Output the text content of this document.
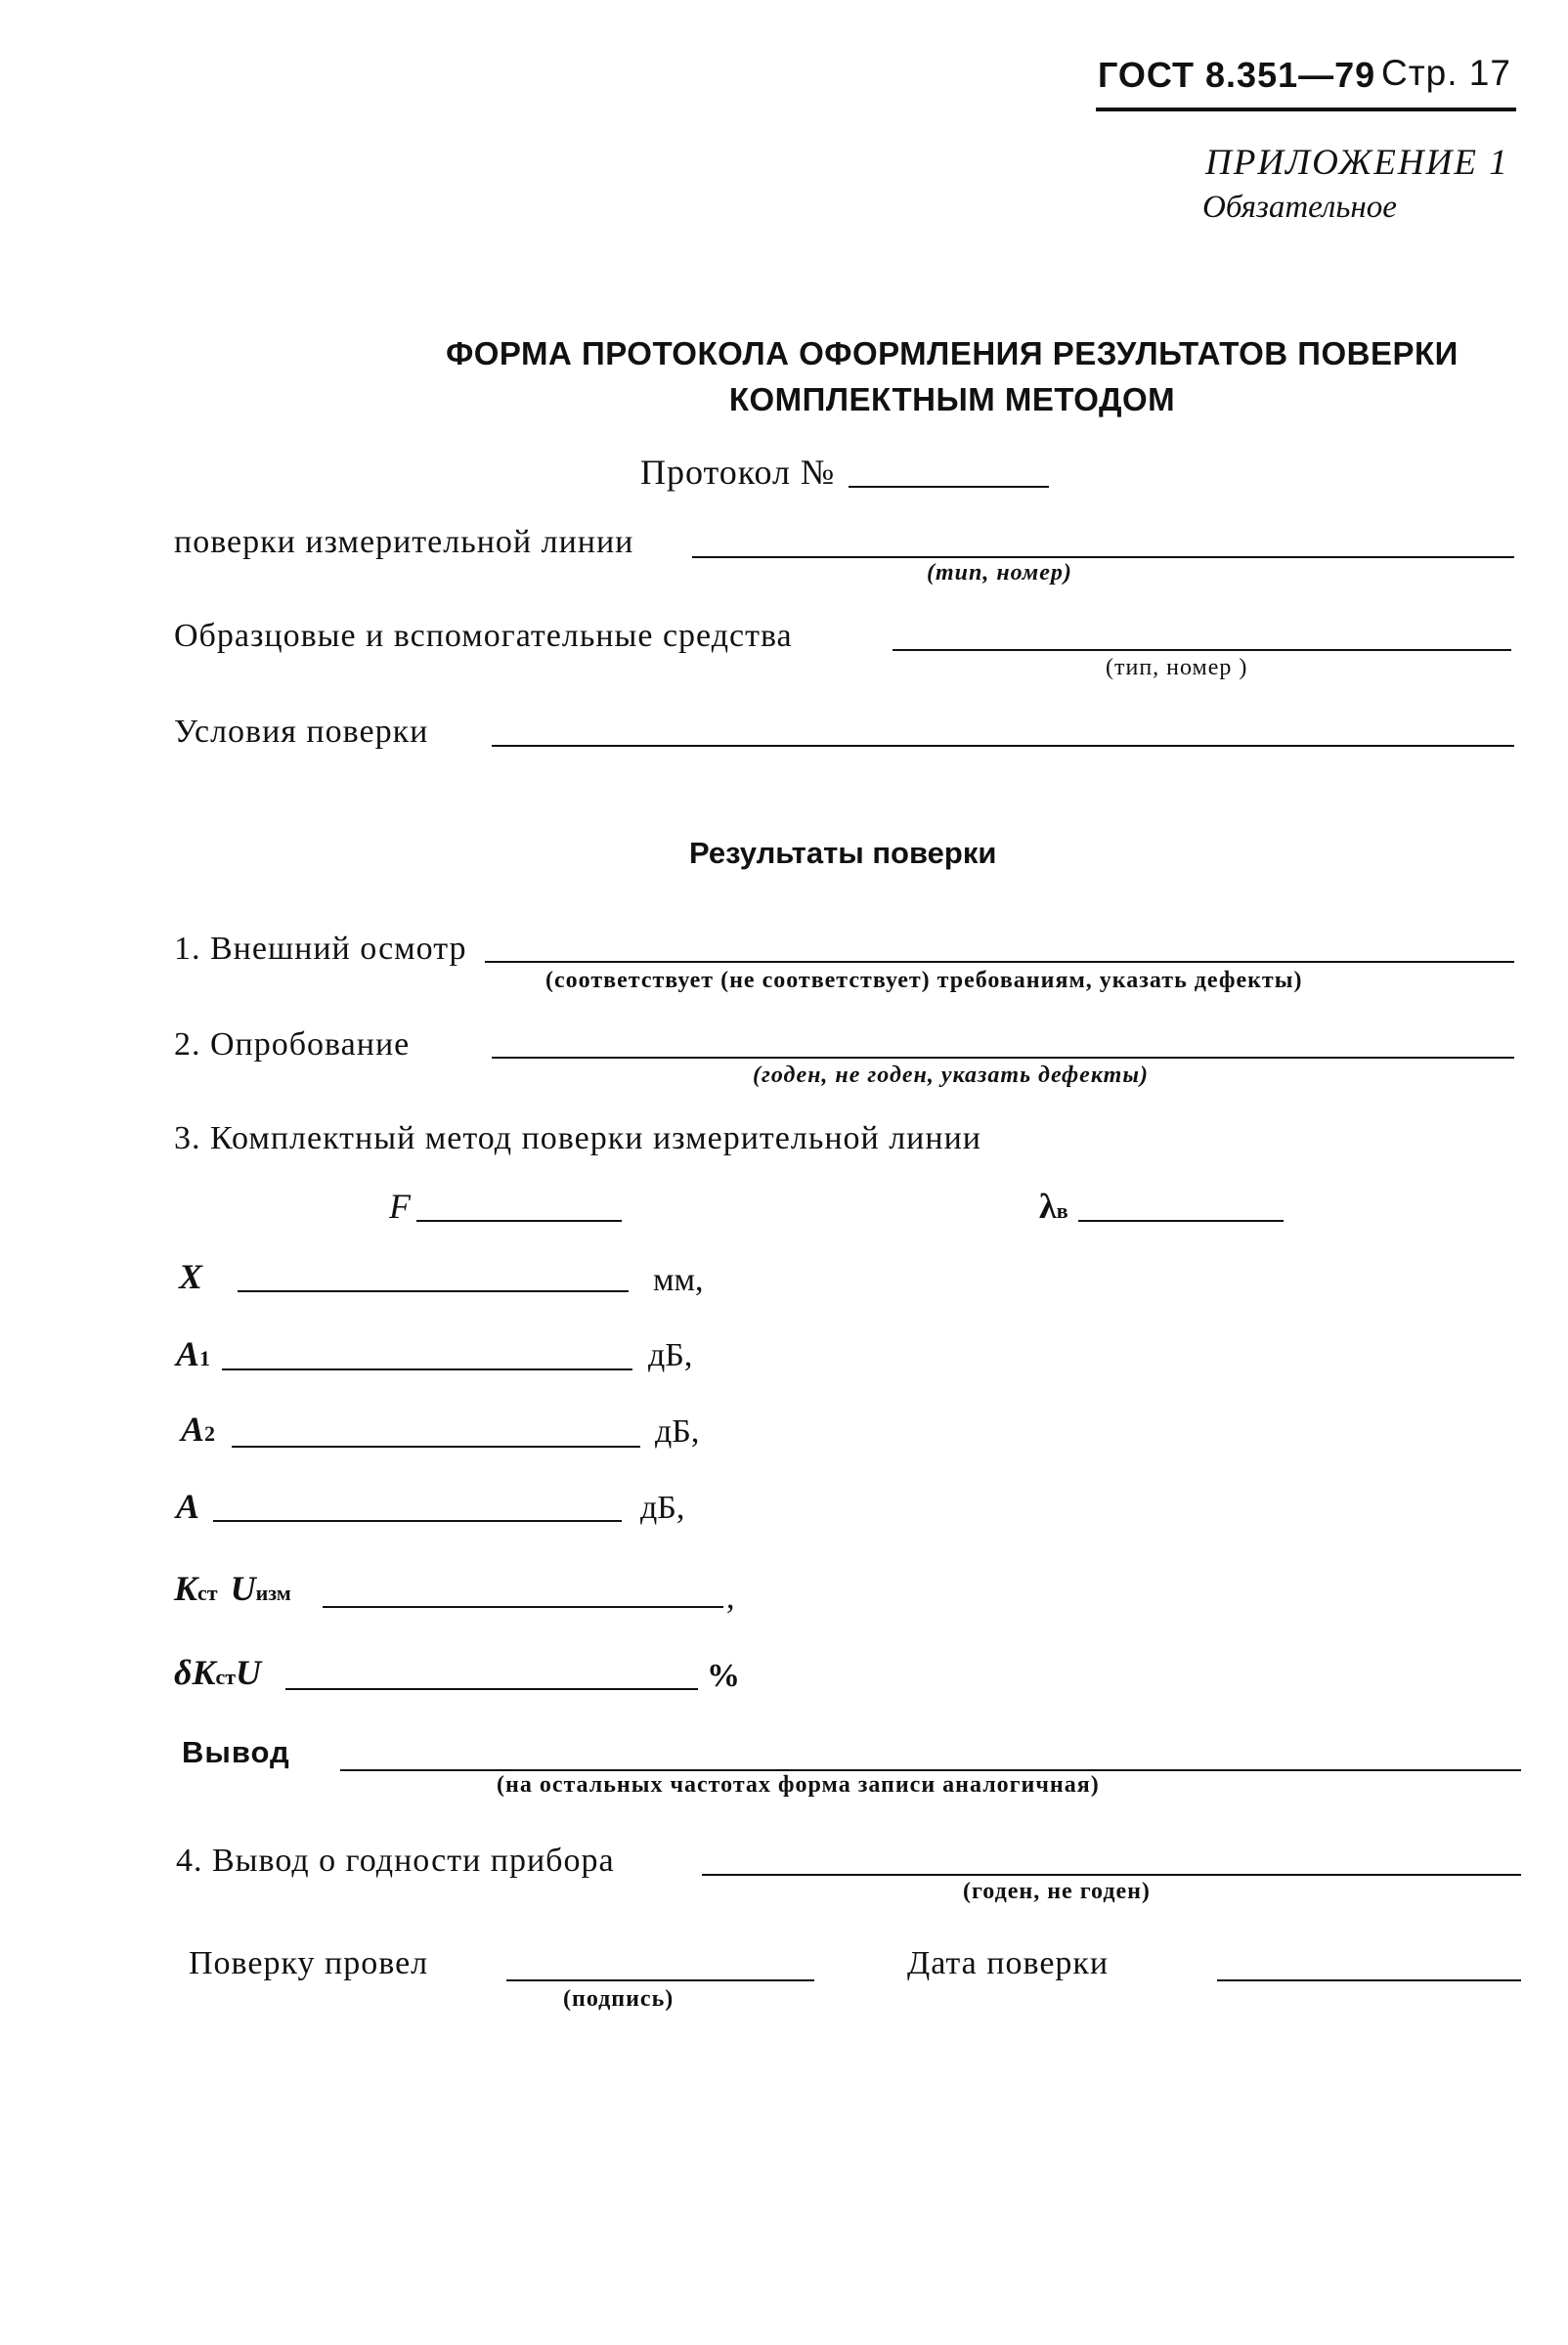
ГОСТ 8.351—79 Стр. 17
ПРИЛОЖЕНИЕ 1
Обязательное
ФОРМА ПРОТОКОЛА ОФОРМЛЕНИЯ РЕЗУЛЬТАТОВ ПОВЕРКИ
КОМПЛЕКТНЫМ МЕТОДОМ
Протокол №
поверки измерительной линии
(тип, номер)
Образцовые и вспомогательные средства
(тип, номер )
Условия поверки
Результаты поверки
1. Внешний осмотр
(соответствует (не соответствует) требованиям, указать дефекты)
2. Опробование
(годен, не годен, указать дефекты)
3. Комплектный метод поверки измерительной линии
F	λв
X	мм,
A1	дБ,
A2	дБ,
A	дБ,
Kст Uизм	,
δKстU	%
Вывод
(на остальных частотах форма записи аналогичная)
4. Вывод о годности прибора
(годен, не годен)
Поверку провел
(подпись)
Дата поверки
